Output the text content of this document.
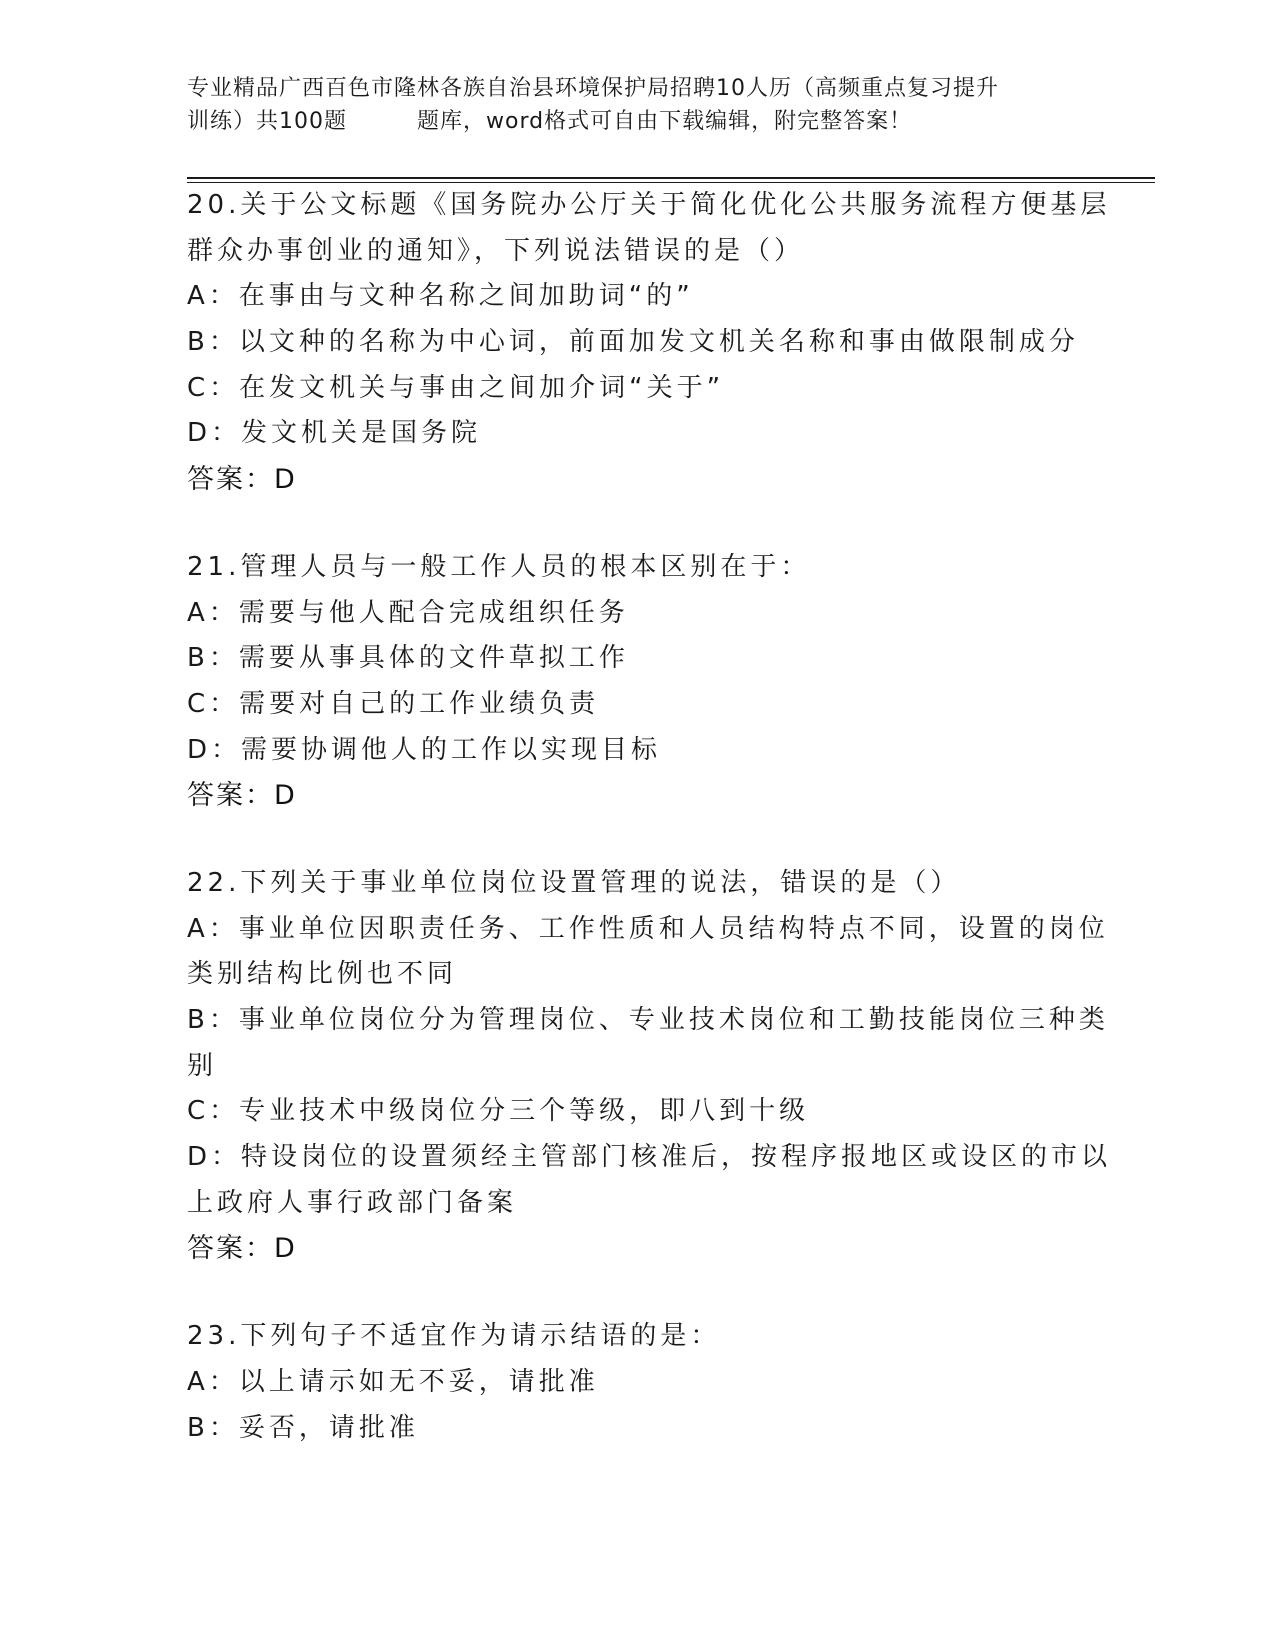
专业精品广西百色市隆林各族自治县环境保护局招聘10人历（高频重点复习提升
训练）共100题	题库，word格式可自由下载编辑，附完整答案！
20.关于公文标题《国务院办公厅关于简化优化公共服务流程方便基层
群众办事创业的通知》，下列说法错误的是（）
A：在事由与文种名称之间加助词“的”
B：以文种的名称为中心词，前面加发文机关名称和事由做限制成分
C：在发文机关与事由之间加介词“关于”
D：发文机关是国务院
答案：D
21.管理人员与一般工作人员的根本区别在于：
A：需要与他人配合完成组织任务
B：需要从事具体的文件草拟工作
C：需要对自己的工作业绩负责
D：需要协调他人的工作以实现目标
答案：D
22.下列关于事业单位岗位设置管理的说法，错误的是（）
A：事业单位因职责任务、工作性质和人员结构特点不同，设置的岗位
类别结构比例也不同
B：事业单位岗位分为管理岗位、专业技术岗位和工勤技能岗位三种类
别
C：专业技术中级岗位分三个等级，即八到十级
D：特设岗位的设置须经主管部门核准后，按程序报地区或设区的市以
上政府人事行政部门备案
答案：D
23.下列句子不适宜作为请示结语的是：
A：以上请示如无不妥，请批准
B：妥否，请批准
